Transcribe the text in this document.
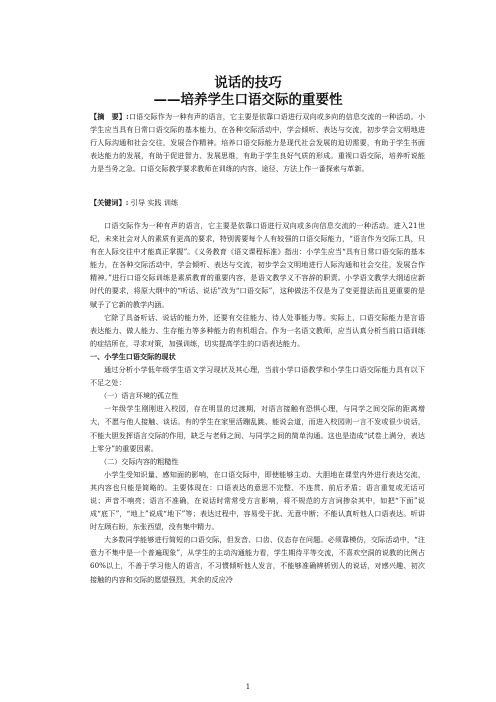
说话的技巧
——培养学生口语交际的重要性

【摘　要】:口语交际作为一种有声的语言，它主要是依靠口语进行双向或多向的信息交流的一种活动。小学生应当具有日常口语交际的基本能力，在各种交际活动中，学会倾听、表达与交流，初步学会文明地进行人际沟通和社会交往，发展合作精神。培养口语交际能力是现代社会发展的迫切需要，有助于学生书面表达能力的发展，有助于促进智力、发展思维，有助于学生良好气质的形成。重视口语交际，培养听说能力是当务之急。口语交际教学要求教师在训练的内容、途径、方法上作一番探索与革新。

【关键词】: 引导 实践 训练

口语交际作为一种有声的语言，它主要是依靠口语进行双向或多向信息交流的一种活动。进入21世纪，未来社会对人的素质有更高的要求，特别需要每个人有较强的口语交际能力，“语言作为交际工具，只有在人际交往中才能真正掌握”。《义务教育《语文课程标准》指出：小学生应当“具有日常口语交际的基本能力，在各种交际活动中，学会倾听、表达与交流，初步学会文明地进行人际沟通和社会交往，发展合作精神。”进行口语交际训练是素质教育的重要内容，是语文教学义不容辞的职责。小学语文教学大纲适应新时代的要求，将原大纲中的“听话、说话”改为“口语交际”，这种做法不仅是为了变更提法而且更重要的是赋予了它新的教学内涵。

它除了具备听话、说话的能力外，还要有交往能力、待人处事能力等。实际上，口语交际能力是言语表达能力、做人能力、生存能力等多种能力的有机组合。作为一名语文教师，应当认真分析当前口语训练的症结所在，寻求对策，加强训练，切实提高学生的口语表达能力。

一、小学生口语交际的现状

通过分析小学低年级学生语文学习现状及其心理，当前小学口语教学和小学生口语交际能力具有以下不足之处：

（一）语言环境的孤立性

一年级学生刚刚进入校园，存在明显的过渡期，对语言接触有恐惧心理，与同学之间交际的距离增大，不愿与他人接触、谈话。有的学生在家里活蹦乱跳、能说会道，而进入校园则一言不发或很少说话，不能大胆发挥语言交际的作用，缺乏与老师之间、与同学之间的简单沟通。这也是造成“试卷上满分，表达上零分”的重要因素。

（二）交际内容的粗糙性

小学生受知识量、感知面的影响，在口语交际中，即使能够主动、大胆地在课堂内外进行表达交流，其内容也只能是简略的。主要体现在：口语表达的意思不完整、不连贯、前后矛盾；语言重复或无话可说；声音不响亮；语言不准确，在说话时常常受方言影响，将不规范的方言词掺杂其中，如把“下面”说成“底下”，“地上”说成“地下”等；表达过程中，容易受干扰、无意中断；不能认真听他人口语表达。听讲时左顾右盼，东张西望，没有集中精力。

大多数同学能够进行简短的口语交际，但发音、口齿、仪态存在问题。必须靠模仿，交际活动中，“注意力不集中是一个普遍现象”，从学生的主动沟通能力看，学生期待平等交流，不喜欢空洞的说教的比例占60%以上，不善于学习他人的语言，不习惯倾听他人发言，不能够准确辨析别人的说话，对感兴趣、初次接触的内容和交际的愿望强烈，其余的反应冷

1
